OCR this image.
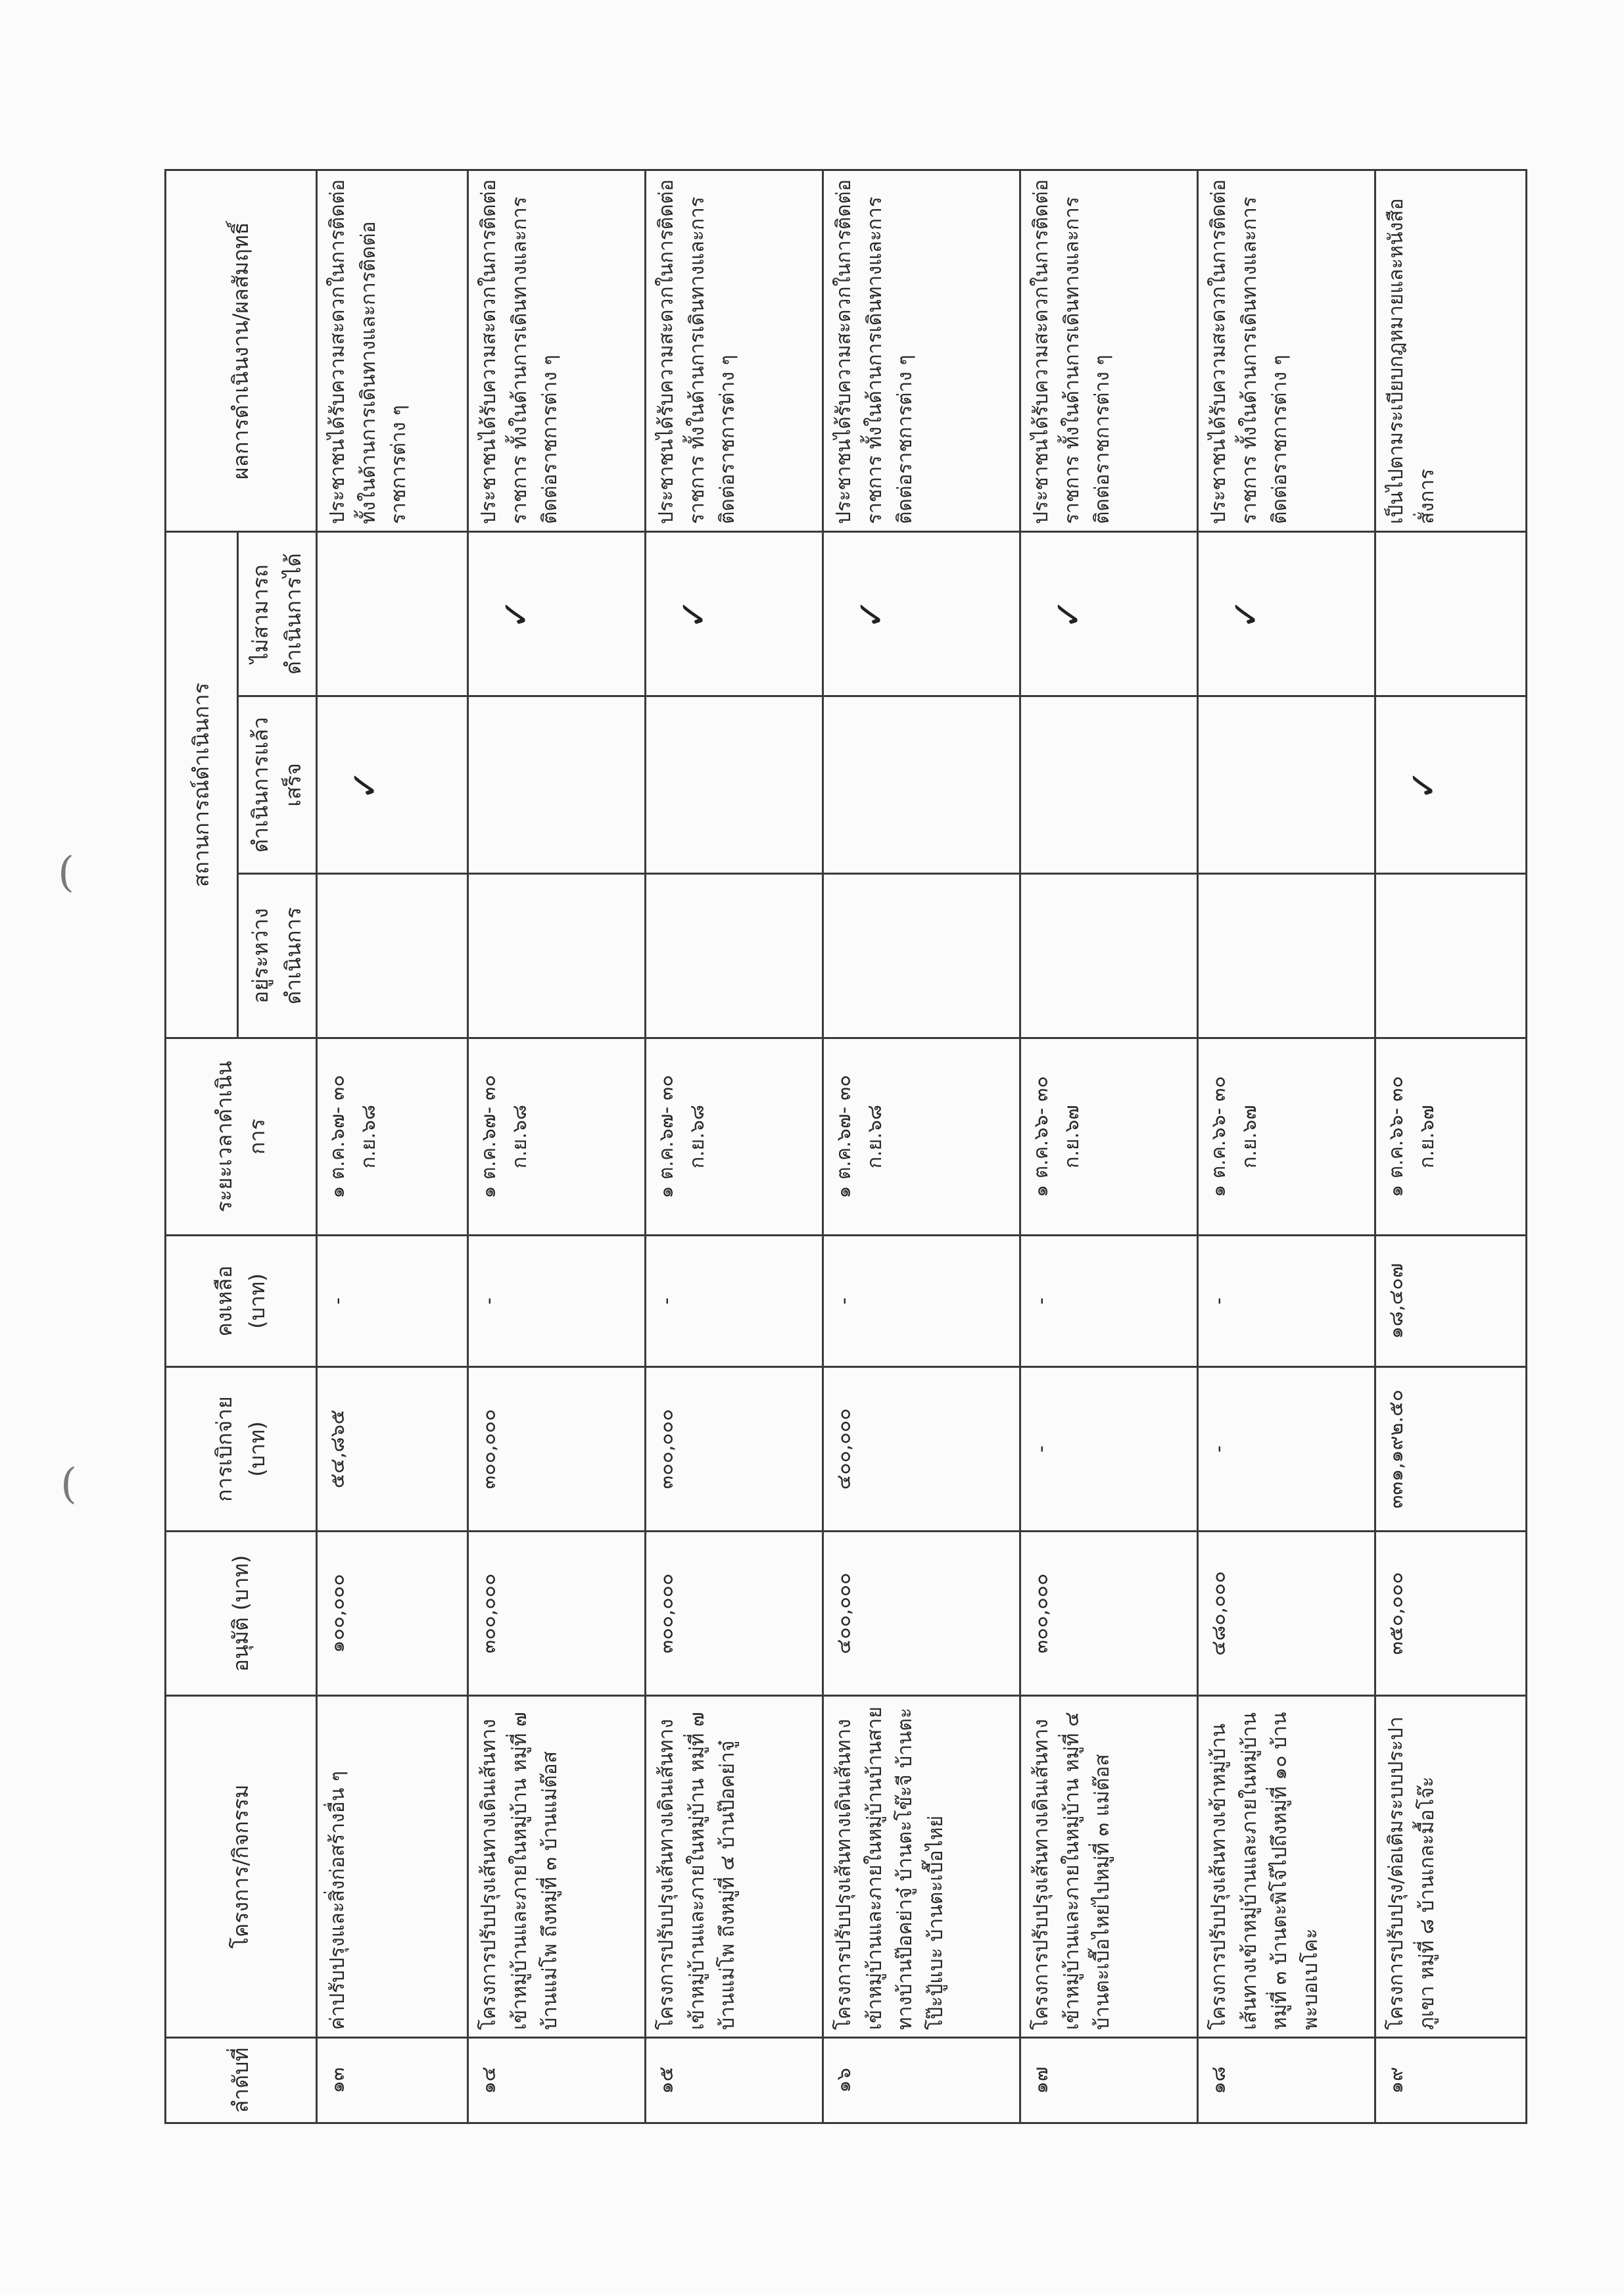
(
(
ลำดับที่	โครงการ/กิจกรรม	อนุมัติ (บาท)	การเบิกจ่าย (บาท)	คงเหลือ (บาท)	ระยะเวลาดำเนินการ	สถานการณ์ดำเนินการ			ผลการดำเนินงาน/ผลสัมฤทธิ์
						อยู่ระหว่างดำเนินการ	ดำเนินการแล้วเสร็จ	ไม่สามารถดำเนินการได้	
๑๓	ค่าปรับปรุงและสิ่งก่อสร้างอื่น ๆ	๑๐๐,๐๐๐	๕๔,๘๖๕	-	๑ ต.ค.๖๗- ๓๐ ก.ย.๖๘		✓		ประชาชนได้รับความสะดวกในการติดต่อทั้งในด้านการเดินทางและการติดต่อราชการต่าง ๆ
๑๔	โครงการปรับปรุงเส้นทางเดินเส้นทางเข้าหมู่บ้านและภายในหมู่บ้าน หมู่ที่ ๗ บ้านแม่โพ ถึงหมู่ที่ ๓ บ้านแม่ต๊อส	๓๐๐,๐๐๐	๓๐๐,๐๐๐	-	๑ ต.ค.๖๗- ๓๐ ก.ย.๖๘			✓	ประชาชนได้รับความสะดวกในการติดต่อราชการ ทั้งในด้านการเดินทางและการติดต่อราชการต่าง ๆ
๑๕	โครงการปรับปรุงเส้นทางเดินเส้นทางเข้าหมู่บ้านและภายในหมู่บ้าน หมู่ที่ ๗ บ้านแม่โพ ถึงหมู่ที่ ๔ บ้านป๊อคย่าจู๋	๓๐๐,๐๐๐	๓๐๐,๐๐๐	-	๑ ต.ค.๖๗- ๓๐ ก.ย.๖๘			✓	ประชาชนได้รับความสะดวกในการติดต่อราชการ ทั้งในด้านการเดินทางและการติดต่อราชการต่าง ๆ
๑๖	โครงการปรับปรุงเส้นทางเดินเส้นทางเข้าหมู่บ้านและภายในหมู่บ้านบ้านสายทางบ้านป๊อคย่าจู๋ บ้านตะโข๊ะจี บ้านตะโป๊ะปู้แบะ บ้านตะเบื๊อไหย่	๔๐๐,๐๐๐	๔๐๐,๐๐๐	-	๑ ต.ค.๖๗- ๓๐ ก.ย.๖๘			✓	ประชาชนได้รับความสะดวกในการติดต่อราชการ ทั้งในด้านการเดินทางและการติดต่อราชการต่าง ๆ
๑๗	โครงการปรับปรุงเส้นทางเดินเส้นทางเข้าหมู่บ้านและภายในหมู่บ้าน หมู่ที่ ๔ บ้านตะเบื๊อไหย่ไปหมู่ที่ ๓ แม่ต๊อส	๓๐๐,๐๐๐	-	-	๑ ต.ค.๖๖- ๓๐ ก.ย.๖๗			✓	ประชาชนได้รับความสะดวกในการติดต่อราชการ ทั้งในด้านการเดินทางและการติดต่อราชการต่าง ๆ
๑๘	โครงการปรับปรุงเส้นทางเข้าหมู่บ้านเส้นทางเข้าหมู่บ้านและภายในหมู่บ้าน หมู่ที่ ๓ บ้านตะพิโจ๊ไปถึงหมู่ที่ ๑๐ บ้านพะบอเบโคะ	๔๘๐,๐๐๐	-	-	๑ ต.ค.๖๖- ๓๐ ก.ย.๖๗			✓	ประชาชนได้รับความสะดวกในการติดต่อราชการ ทั้งในด้านการเดินทางและการติดต่อราชการต่าง ๆ
๑๙	โครงการปรับปรุง/ต่อเติมระบบประปาภูเขา หมู่ที่ ๘ บ้านเกละมื้อโจ๊ะ	๓๕๐,๐๐๐	๓๓๑,๑๙๒.๕๐	๑๘,๔๐๗	๑ ต.ค.๖๖- ๓๐ ก.ย.๖๗		✓		เป็นไปตามระเบียบกฎหมายและหนังสือสั่งการ
